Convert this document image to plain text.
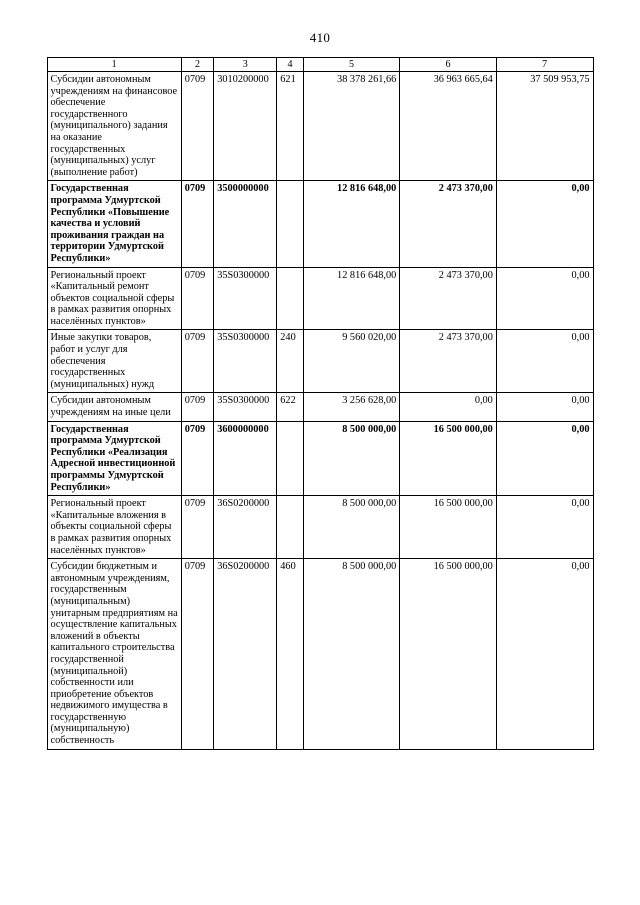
410
1	2	3	4	5	6	7
Субсидии автономным учреждениям на финансовое обеспечение государственного (муниципального) задания на оказание государственных (муниципальных) услуг (выполнение работ)	0709	3010200000	621	38 378 261,66	36 963 665,64	37 509 953,75
Государственная программа Удмуртской Республики «Повышение качества и условий проживания граждан на территории Удмуртской Республики»	0709	3500000000		12 816 648,00	2 473 370,00	0,00
Региональный проект «Капитальный ремонт объектов социальной сферы в рамках развития опорных населённых пунктов»	0709	35S0300000		12 816 648,00	2 473 370,00	0,00
Иные закупки товаров, работ и услуг для обеспечения государственных (муниципальных) нужд	0709	35S0300000	240	9 560 020,00	2 473 370,00	0,00
Субсидии автономным учреждениям на иные цели	0709	35S0300000	622	3 256 628,00	0,00	0,00
Государственная программа Удмуртской Республики «Реализация Адресной инвестиционной программы Удмуртской Республики»	0709	3600000000		8 500 000,00	16 500 000,00	0,00
Региональный проект «Капитальные вложения в объекты социальной сферы в рамках развития опорных населённых пунктов»	0709	36S0200000		8 500 000,00	16 500 000,00	0,00
Субсидии бюджетным и автономным учреждениям, государственным (муниципальным) унитарным предприятиям на осуществление капитальных вложений в объекты капитального строительства государственной (муниципальной) собственности или приобретение объектов недвижимого имущества в государственную (муниципальную) собственность	0709	36S0200000	460	8 500 000,00	16 500 000,00	0,00
